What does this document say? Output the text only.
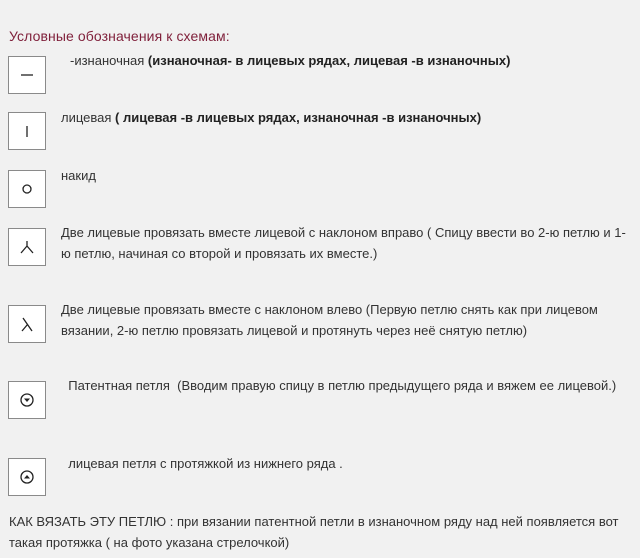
Условные обозначения к схемам:
-изнаночная (изнаночная- в лицевых рядах, лицевая -в изнаночных)
лицевая ( лицевая -в лицевых рядах, изнаночная -в изнаночных)
накид
Две лицевые провязать вместе лицевой с наклоном вправо ( Спицу ввести во 2-ю петлю и 1-ю петлю, начиная со второй и провязать их вместе.)
Две лицевые провязать вместе с наклоном влево (Первую петлю снять как при лицевом вязании, 2-ю петлю провязать лицевой и протянуть через неё снятую петлю)
Патентная петля  (Вводим правую спицу в петлю предыдущего ряда и вяжем ее лицевой.)
лицевая петля с протяжкой из нижнего ряда .
КАК ВЯЗАТЬ ЭТУ ПЕТЛЮ : при вязании патентной петли в изнаночном ряду над ней появляется вот такая протяжка ( на фото указана стрелочкой)
